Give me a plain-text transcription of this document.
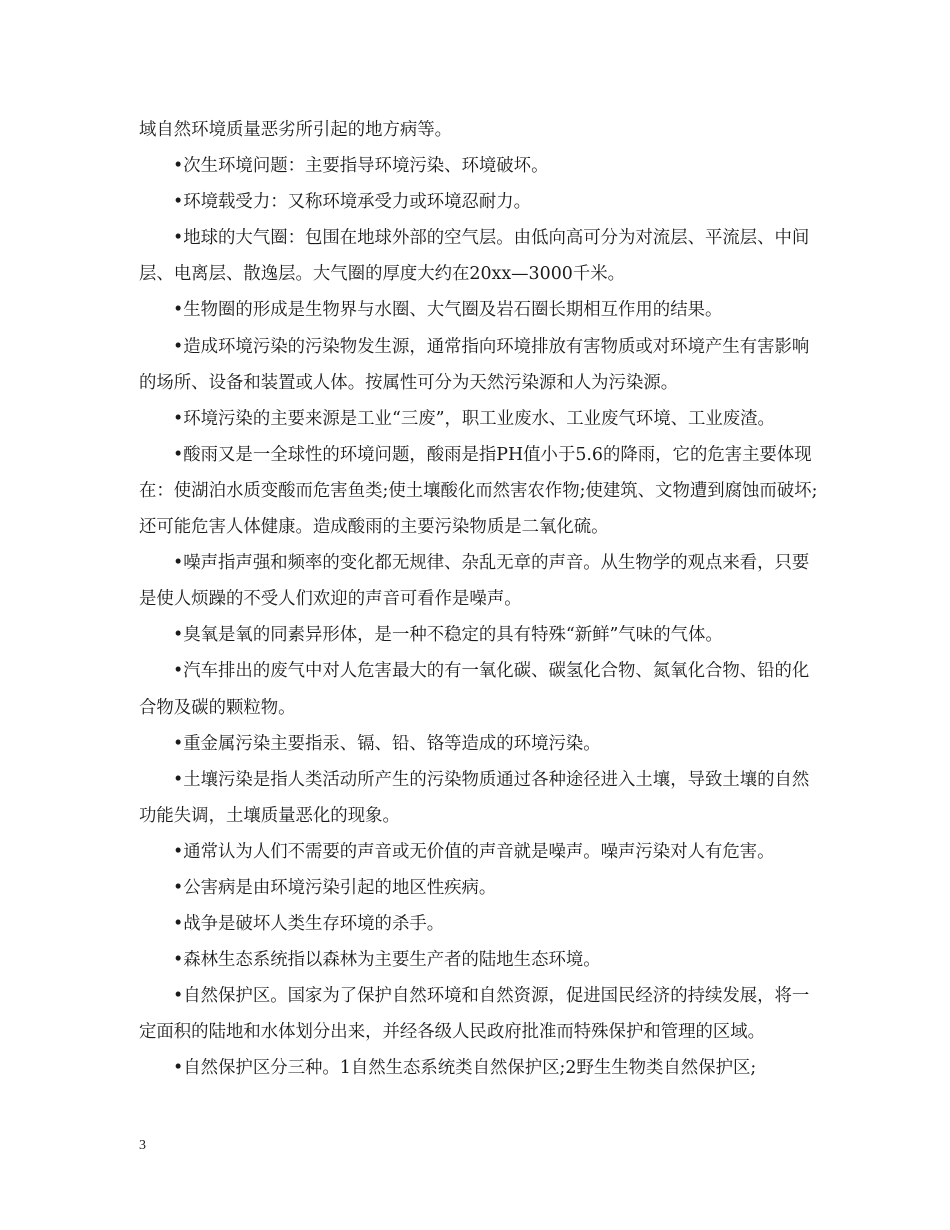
域自然环境质量恶劣所引起的地方病等。

•次生环境问题：主要指导环境污染、环境破坏。

•环境载受力：又称环境承受力或环境忍耐力。

•地球的大气圈：包围在地球外部的空气层。由低向高可分为对流层、平流层、中间层、电离层、散逸层。大气圈的厚度大约在20xx—3000千米。

•生物圈的形成是生物界与水圈、大气圈及岩石圈长期相互作用的结果。

•造成环境污染的污染物发生源，通常指向环境排放有害物质或对环境产生有害影响的场所、设备和装置或人体。按属性可分为天然污染源和人为污染源。

•环境污染的主要来源是工业“三废”，职工业废水、工业废气环境、工业废渣。

•酸雨又是一全球性的环境问题，酸雨是指PH值小于5.6的降雨，它的危害主要体现在：使湖泊水质变酸而危害鱼类;使土壤酸化而然害农作物;使建筑、文物遭到腐蚀而破坏;还可能危害人体健康。造成酸雨的主要污染物质是二氧化硫。

•噪声指声强和频率的变化都无规律、杂乱无章的声音。从生物学的观点来看，只要是使人烦躁的不受人们欢迎的声音可看作是噪声。

•臭氧是氧的同素异形体，是一种不稳定的具有特殊“新鲜”气味的气体。

•汽车排出的废气中对人危害最大的有一氧化碳、碳氢化合物、氮氧化合物、铅的化合物及碳的颗粒物。

•重金属污染主要指汞、镉、铅、铬等造成的环境污染。

•土壤污染是指人类活动所产生的污染物质通过各种途径进入土壤，导致土壤的自然功能失调，土壤质量恶化的现象。

•通常认为人们不需要的声音或无价值的声音就是噪声。噪声污染对人有危害。

•公害病是由环境污染引起的地区性疾病。

•战争是破坏人类生存环境的杀手。

•森林生态系统指以森林为主要生产者的陆地生态环境。

•自然保护区。国家为了保护自然环境和自然资源，促进国民经济的持续发展，将一定面积的陆地和水体划分出来，并经各级人民政府批准而特殊保护和管理的区域。

•自然保护区分三种。1自然生态系统类自然保护区;2野生生物类自然保护区;

3
